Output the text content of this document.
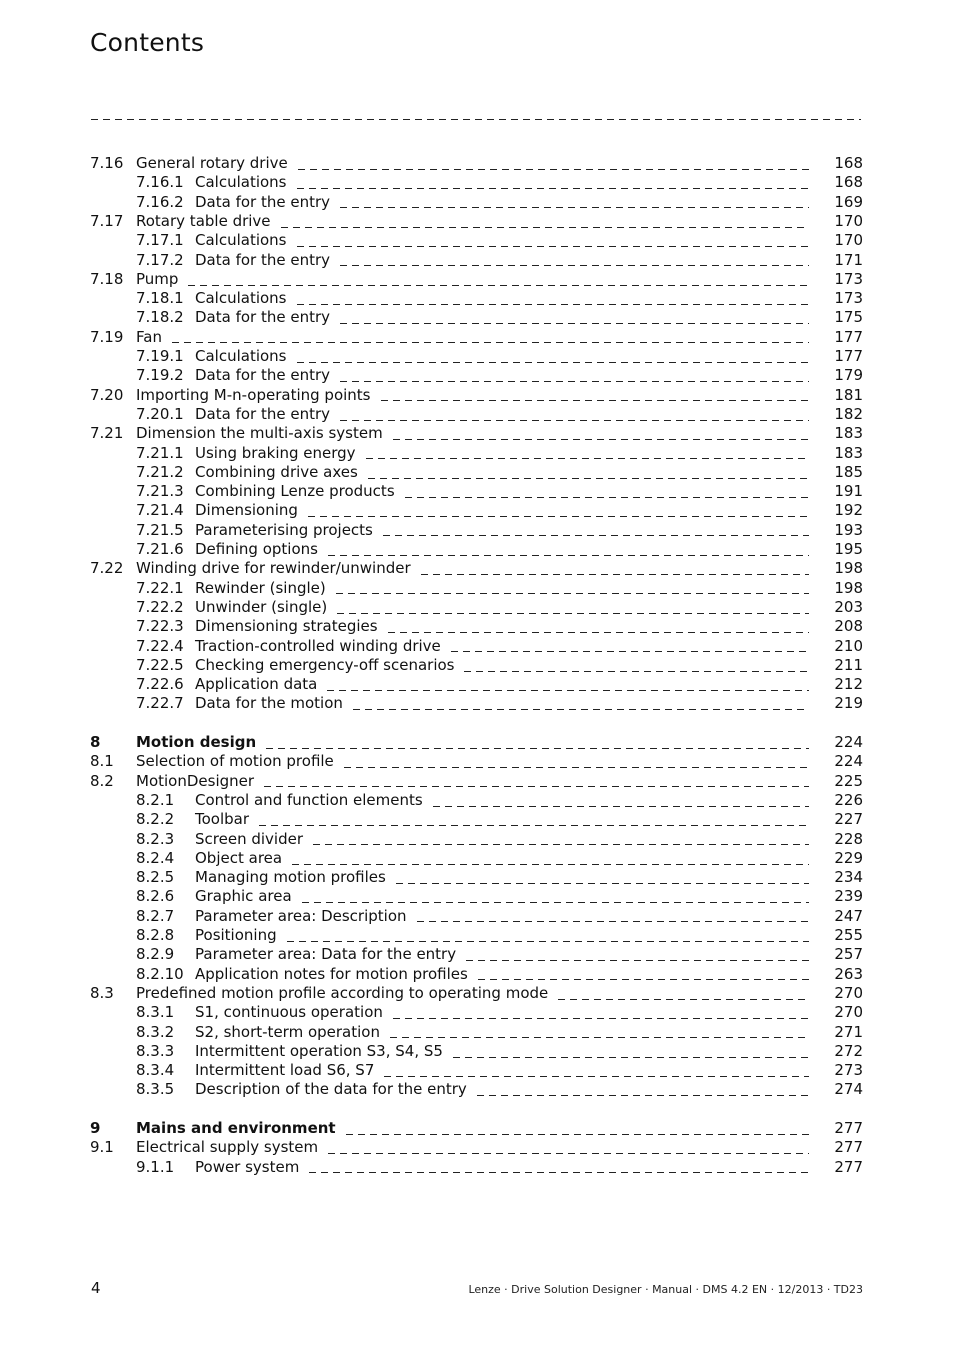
Contents
7.16 General rotary drive	168
7.16.1 Calculations	168
7.16.2 Data for the entry	169
7.17 Rotary table drive	170
7.17.1 Calculations	170
7.17.2 Data for the entry	171
7.18 Pump	173
7.18.1 Calculations	173
7.18.2 Data for the entry	175
7.19 Fan	177
7.19.1 Calculations	177
7.19.2 Data for the entry	179
7.20 Importing M-n-operating points	181
7.20.1 Data for the entry	182
7.21 Dimension the multi-axis system	183
7.21.1 Using braking energy	183
7.21.2 Combining drive axes	185
7.21.3 Combining Lenze products	191
7.21.4 Dimensioning	192
7.21.5 Parameterising projects	193
7.21.6 Defining options	195
7.22 Winding drive for rewinder/unwinder	198
7.22.1 Rewinder (single)	198
7.22.2 Unwinder (single)	203
7.22.3 Dimensioning strategies	208
7.22.4 Traction-controlled winding drive	210
7.22.5 Checking emergency-off scenarios	211
7.22.6 Application data	212
7.22.7 Data for the motion	219
8 Motion design	224
8.1 Selection of motion profile	224
8.2 MotionDesigner	225
8.2.1 Control and function elements	226
8.2.2 Toolbar	227
8.2.3 Screen divider	228
8.2.4 Object area	229
8.2.5 Managing motion profiles	234
8.2.6 Graphic area	239
8.2.7 Parameter area: Description	247
8.2.8 Positioning	255
8.2.9 Parameter area: Data for the entry	257
8.2.10 Application notes for motion profiles	263
8.3 Predefined motion profile according to operating mode	270
8.3.1 S1, continuous operation	270
8.3.2 S2, short-term operation	271
8.3.3 Intermittent operation S3, S4, S5	272
8.3.4 Intermittent load S6, S7	273
8.3.5 Description of the data for the entry	274
9 Mains and environment	277
9.1 Electrical supply system	277
9.1.1 Power system	277
4	Lenze · Drive Solution Designer · Manual · DMS 4.2 EN · 12/2013 · TD23
